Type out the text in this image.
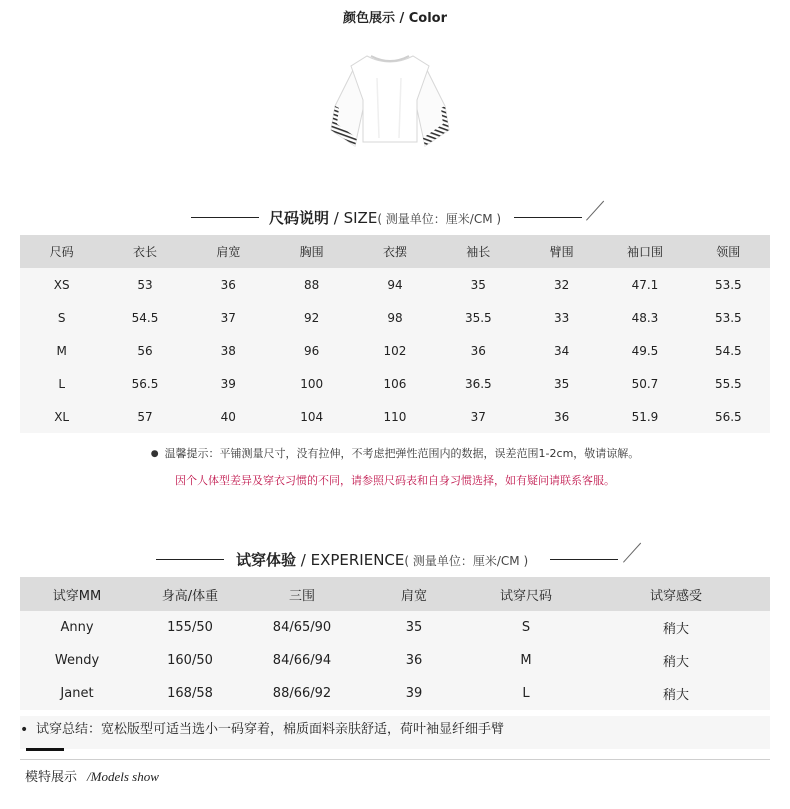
颜色展示 / Color
尺码说明 / SIZE( 测量单位：厘米/CM )
尺码	衣长	肩宽	胸围	衣摆	袖长	臂围	袖口围	领围
XS	53	36	88	94	35	32	47.1	53.5
S	54.5	37	92	98	35.5	33	48.3	53.5
M	56	38	96	102	36	34	49.5	54.5
L	56.5	39	100	106	36.5	35	50.7	55.5
XL	57	40	104	110	37	36	51.9	56.5
● 温馨提示：平铺测量尺寸，没有拉伸，不考虑把弹性范围内的数据，误差范围1-2cm，敬请谅解。
因个人体型差异及穿衣习惯的不同，请参照尺码表和自身习惯选择，如有疑问请联系客服。
试穿体验 / EXPERIENCE( 测量单位：厘米/CM )
试穿MM	身高/体重	三围	肩宽	试穿尺码	试穿感受
Anny	155/50	84/65/90	35	S	稍大
Wendy	160/50	84/66/94	36	M	稍大
Janet	168/58	88/66/92	39	L	稍大
• 试穿总结：宽松版型可适当选小一码穿着，棉质面料亲肤舒适，荷叶袖显纤细手臂
模特展示 /Models show
